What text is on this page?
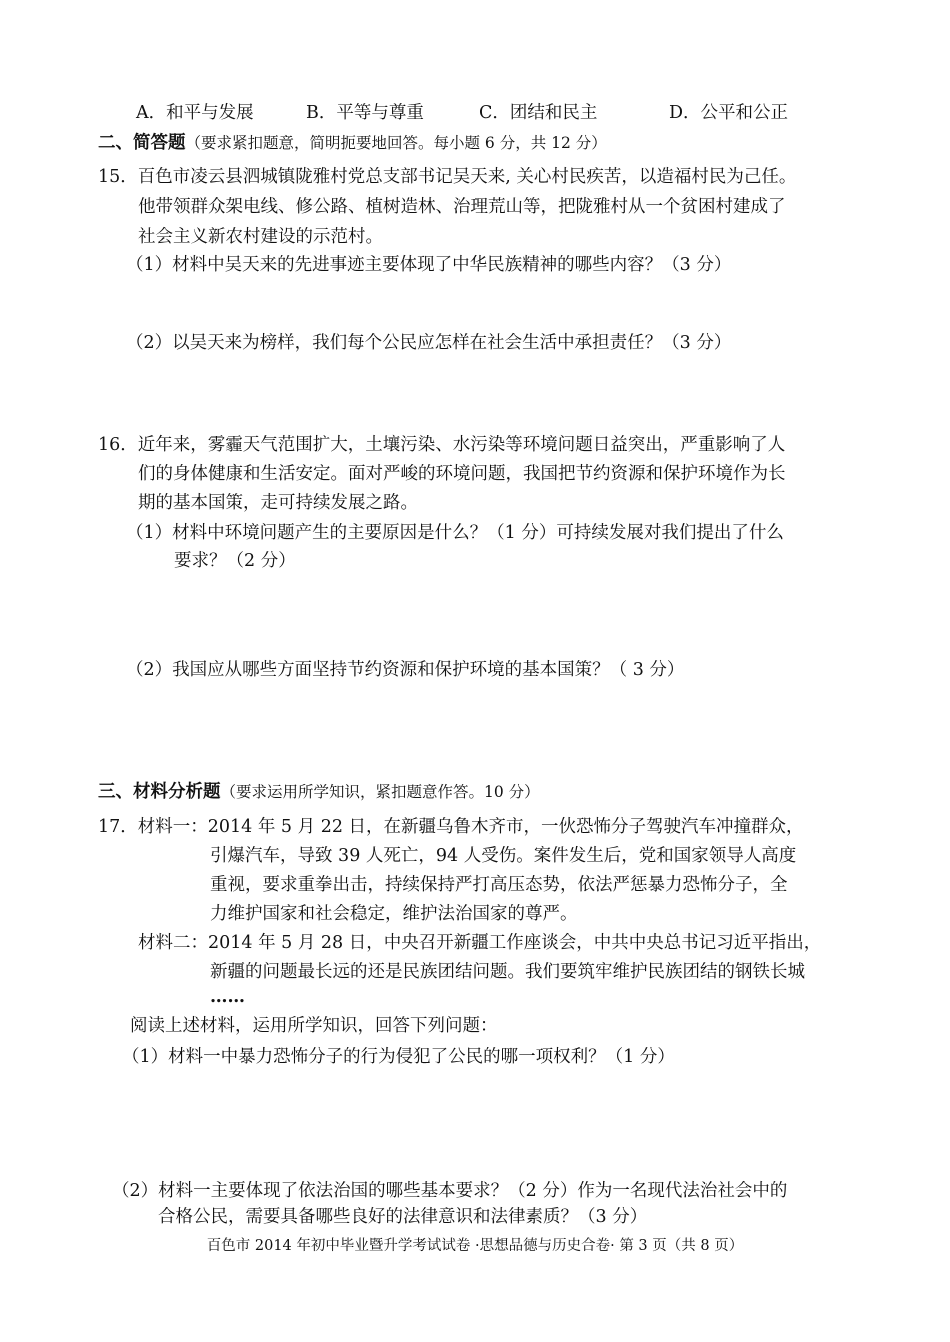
A．和平与发展	B．平等与尊重	C．团结和民主	D．公平和公正
二、简答题（要求紧扣题意，简明扼要地回答。每小题 6 分，共 12 分）
15．百色市凌云县泗城镇陇雅村党总支部书记吴天来, 关心村民疾苦，以造福村民为己任。
他带领群众架电线、修公路、植树造林、治理荒山等，把陇雅村从一个贫困村建成了
社会主义新农村建设的示范村。
（1）材料中吴天来的先进事迹主要体现了中华民族精神的哪些内容？（3 分）
（2）以吴天来为榜样，我们每个公民应怎样在社会生活中承担责任？（3 分）
16．近年来，雾霾天气范围扩大，土壤污染、水污染等环境问题日益突出，严重影响了人
们的身体健康和生活安定。面对严峻的环境问题，我国把节约资源和保护环境作为长
期的基本国策，走可持续发展之路。
（1）材料中环境问题产生的主要原因是什么？（1 分）可持续发展对我们提出了什么
要求？（2 分）
（2）我国应从哪些方面坚持节约资源和保护环境的基本国策？（ 3 分）
三、材料分析题（要求运用所学知识，紧扣题意作答。10 分）
17．材料一：2014 年 5 月 22 日，在新疆乌鲁木齐市，一伙恐怖分子驾驶汽车冲撞群众，
引爆汽车，导致 39 人死亡，94 人受伤。案件发生后，党和国家领导人高度
重视，要求重拳出击，持续保持严打高压态势，依法严惩暴力恐怖分子，全
力维护国家和社会稳定，维护法治国家的尊严。
材料二：2014 年 5 月 28 日，中央召开新疆工作座谈会，中共中央总书记习近平指出，
新疆的问题最长远的还是民族团结问题。我们要筑牢维护民族团结的钢铁长城
……
阅读上述材料，运用所学知识，回答下列问题：
（1）材料一中暴力恐怖分子的行为侵犯了公民的哪一项权利？（1 分）
（2）材料一主要体现了依法治国的哪些基本要求？（2 分）作为一名现代法治社会中的
合格公民，需要具备哪些良好的法律意识和法律素质？（3 分）
百色市 2014 年初中毕业暨升学考试试卷 ·思想品德与历史合卷· 第 3 页（共 8 页）
